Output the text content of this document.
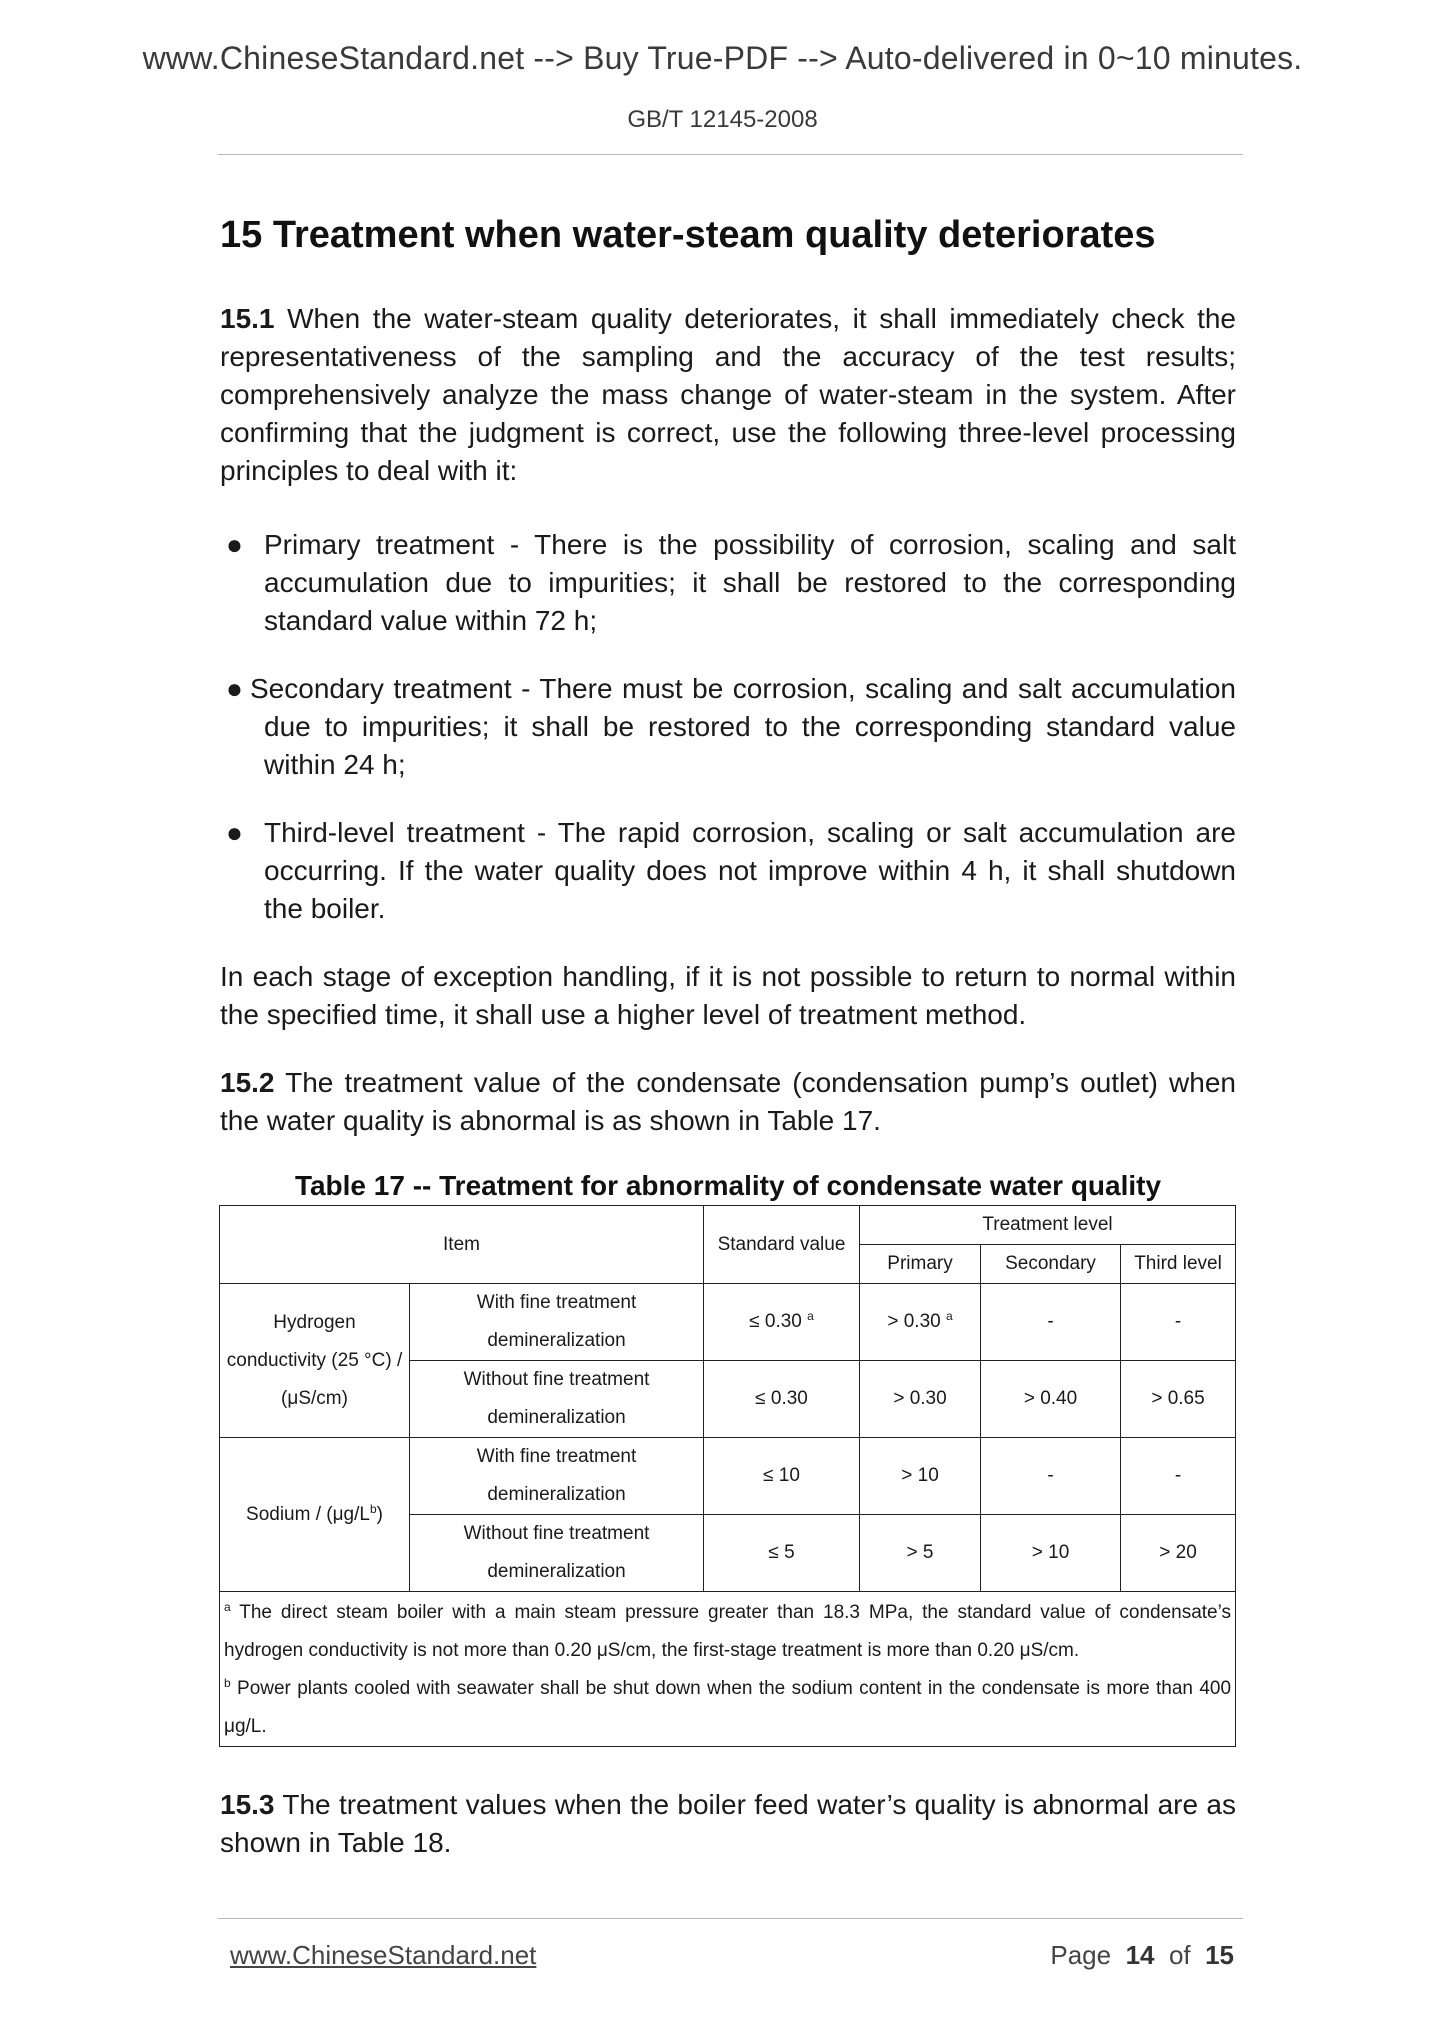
www.ChineseStandard.net --> Buy True-PDF --> Auto-delivered in 0~10 minutes.
GB/T 12145-2008
15 Treatment when water-steam quality deteriorates

15.1 When the water-steam quality deteriorates, it shall immediately check the representativeness of the sampling and the accuracy of the test results; comprehensively analyze the mass change of water-steam in the system. After confirming that the judgment is correct, use the following three-level processing principles to deal with it:

● Primary treatment - There is the possibility of corrosion, scaling and salt accumulation due to impurities; it shall be restored to the corresponding standard value within 72 h;

● Secondary treatment - There must be corrosion, scaling and salt accumulation due to impurities; it shall be restored to the corresponding standard value within 24 h;

● Third-level treatment - The rapid corrosion, scaling or salt accumulation are occurring. If the water quality does not improve within 4 h, it shall shutdown the boiler.

In each stage of exception handling, if it is not possible to return to normal within the specified time, it shall use a higher level of treatment method.

15.2 The treatment value of the condensate (condensation pump’s outlet) when the water quality is abnormal is as shown in Table 17.

Table 17 -- Treatment for abnormality of condensate water quality
Item		Standard value	Treatment level		
			Primary	Secondary	Third level
Hydrogen conductivity (25 °C) / (μS/cm)	With fine treatment demineralization	≤ 0.30 $^a$	> 0.30 $^a$	-	-
	Without fine treatment demineralization	≤ 0.30	> 0.30	> 0.40	> 0.65
Sodium / $(\mu g/L^b)$	With fine treatment demineralization	≤ 10	> 10	-	-
	Without fine treatment demineralization	≤ 5	> 5	> 10	> 20

$^a$ The direct steam boiler with a main steam pressure greater than 18.3 MPa, the standard value of condensate’s hydrogen conductivity is not more than 0.20 μS/cm, the first-stage treatment is more than 0.20 μS/cm.
$^b$ Power plants cooled with seawater shall be shut down when the sodium content in the condensate is more than 400 μg/L.					

15.3 The treatment values when the boiler feed water’s quality is abnormal are as shown in Table 18.

www.ChineseStandard.net	Page 14 of 15
